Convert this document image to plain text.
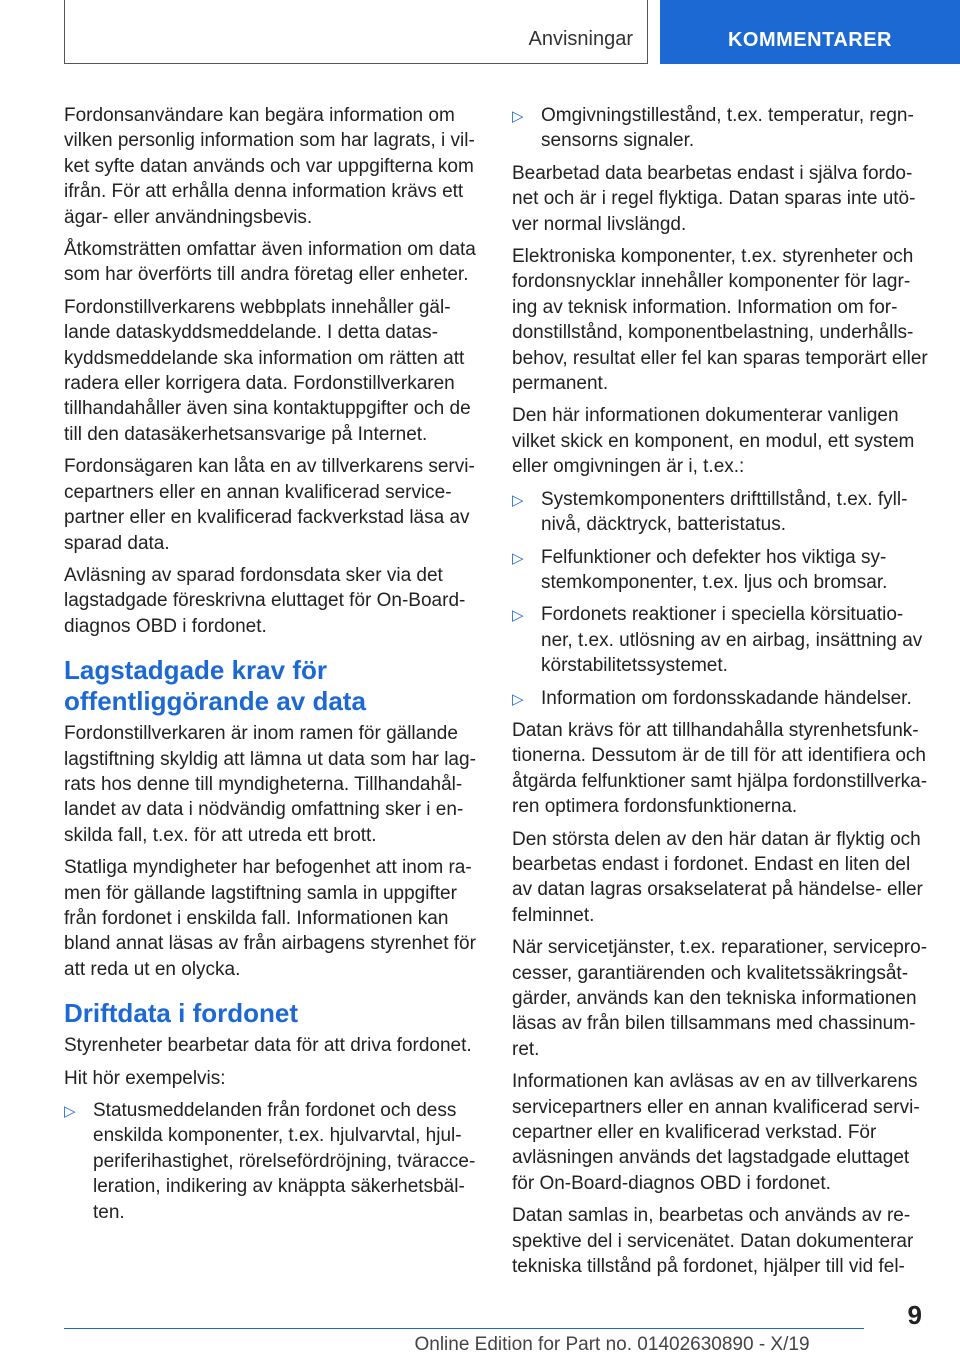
Anvisningar	KOMMENTARER

Fordonsanvändare kan begära information om vilken personlig information som har lagrats, i vilket syfte datan används och var uppgifterna kom ifrån. För att erhålla denna information krävs ett ägar- eller användningsbevis.

Åtkomsträtten omfattar även information om data som har överförts till andra företag eller enheter.

Fordonstillverkarens webbplats innehåller gällande dataskyddsmeddelande. I detta dataskyddsmeddelande ska information om rätten att radera eller korrigera data. Fordonstillverkaren tillhandahåller även sina kontaktuppgifter och de till den datasäkerhetsansvarige på Internet.

Fordonsägaren kan låta en av tillverkarens servicepartners eller en annan kvalificerad servicepartner eller en kvalificerad fackverkstad läsa av sparad data.

Avläsning av sparad fordonsdata sker via det lagstadgade föreskrivna eluttaget för On-Board-diagnos OBD i fordonet.

Lagstadgade krav för offentliggörande av data

Fordonstillverkaren är inom ramen för gällande lagstiftning skyldig att lämna ut data som har lagrats hos denne till myndigheterna. Tillhandahållandet av data i nödvändig omfattning sker i enskilda fall, t.ex. för att utreda ett brott.

Statliga myndigheter har befogenhet att inom ramen för gällande lagstiftning samla in uppgifter från fordonet i enskilda fall. Informationen kan bland annat läsas av från airbagens styrenhet för att reda ut en olycka.

Driftdata i fordonet

Styrenheter bearbetar data för att driva fordonet.

Hit hör exempelvis:

▷ Statusmeddelanden från fordonet och dess enskilda komponenter, t.ex. hjulvarvtal, hjulperiferihastighet, rörelsefördröjning, tväracceleration, indikering av knäppta säkerhetsbälten.
▷ Omgivningstillestånd, t.ex. temperatur, regnsensorns signaler.

Bearbetad data bearbetas endast i själva fordonet och är i regel flyktiga. Datan sparas inte utöver normal livslängd.

Elektroniska komponenter, t.ex. styrenheter och fordonsnycklar innehåller komponenter för lagring av teknisk information. Information om fordonstillstånd, komponentbelastning, underhållsbehov, resultat eller fel kan sparas temporärt eller permanent.

Den här informationen dokumenterar vanligen vilket skick en komponent, en modul, ett system eller omgivningen är i, t.ex.:

▷ Systemkomponenters drifttillstånd, t.ex. fyllnivå, däcktryck, batteristatus.
▷ Felfunktioner och defekter hos viktiga systemkomponenter, t.ex. ljus och bromsar.
▷ Fordonets reaktioner i speciella körsituationer, t.ex. utlösning av en airbag, insättning av körstabilitetssystemet.
▷ Information om fordonsskadande händelser.

Datan krävs för att tillhandahålla styrenhetsfunktionerna. Dessutom är de till för att identifiera och åtgärda felfunktioner samt hjälpa fordonstillverkaren optimera fordonsfunktionerna.

Den största delen av den här datan är flyktig och bearbetas endast i fordonet. Endast en liten del av datan lagras orsakselaterat på händelse- eller felminnet.

När servicetjänster, t.ex. reparationer, serviceprocesser, garantiärenden och kvalitetssäkringsåtgärder, används kan den tekniska informationen läsas av från bilen tillsammans med chassinumret.

Informationen kan avläsas av en av tillverkarens servicepartners eller en annan kvalificerad servicepartner eller en kvalificerad verkstad. För avläsningen används det lagstadgade eluttaget för On-Board-diagnos OBD i fordonet.

Datan samlas in, bearbetas och används av respektive del i servicenätet. Datan dokumenterar tekniska tillstånd på fordonet, hjälper till vid fel-

9
Online Edition for Part no. 01402630890 - X/19
